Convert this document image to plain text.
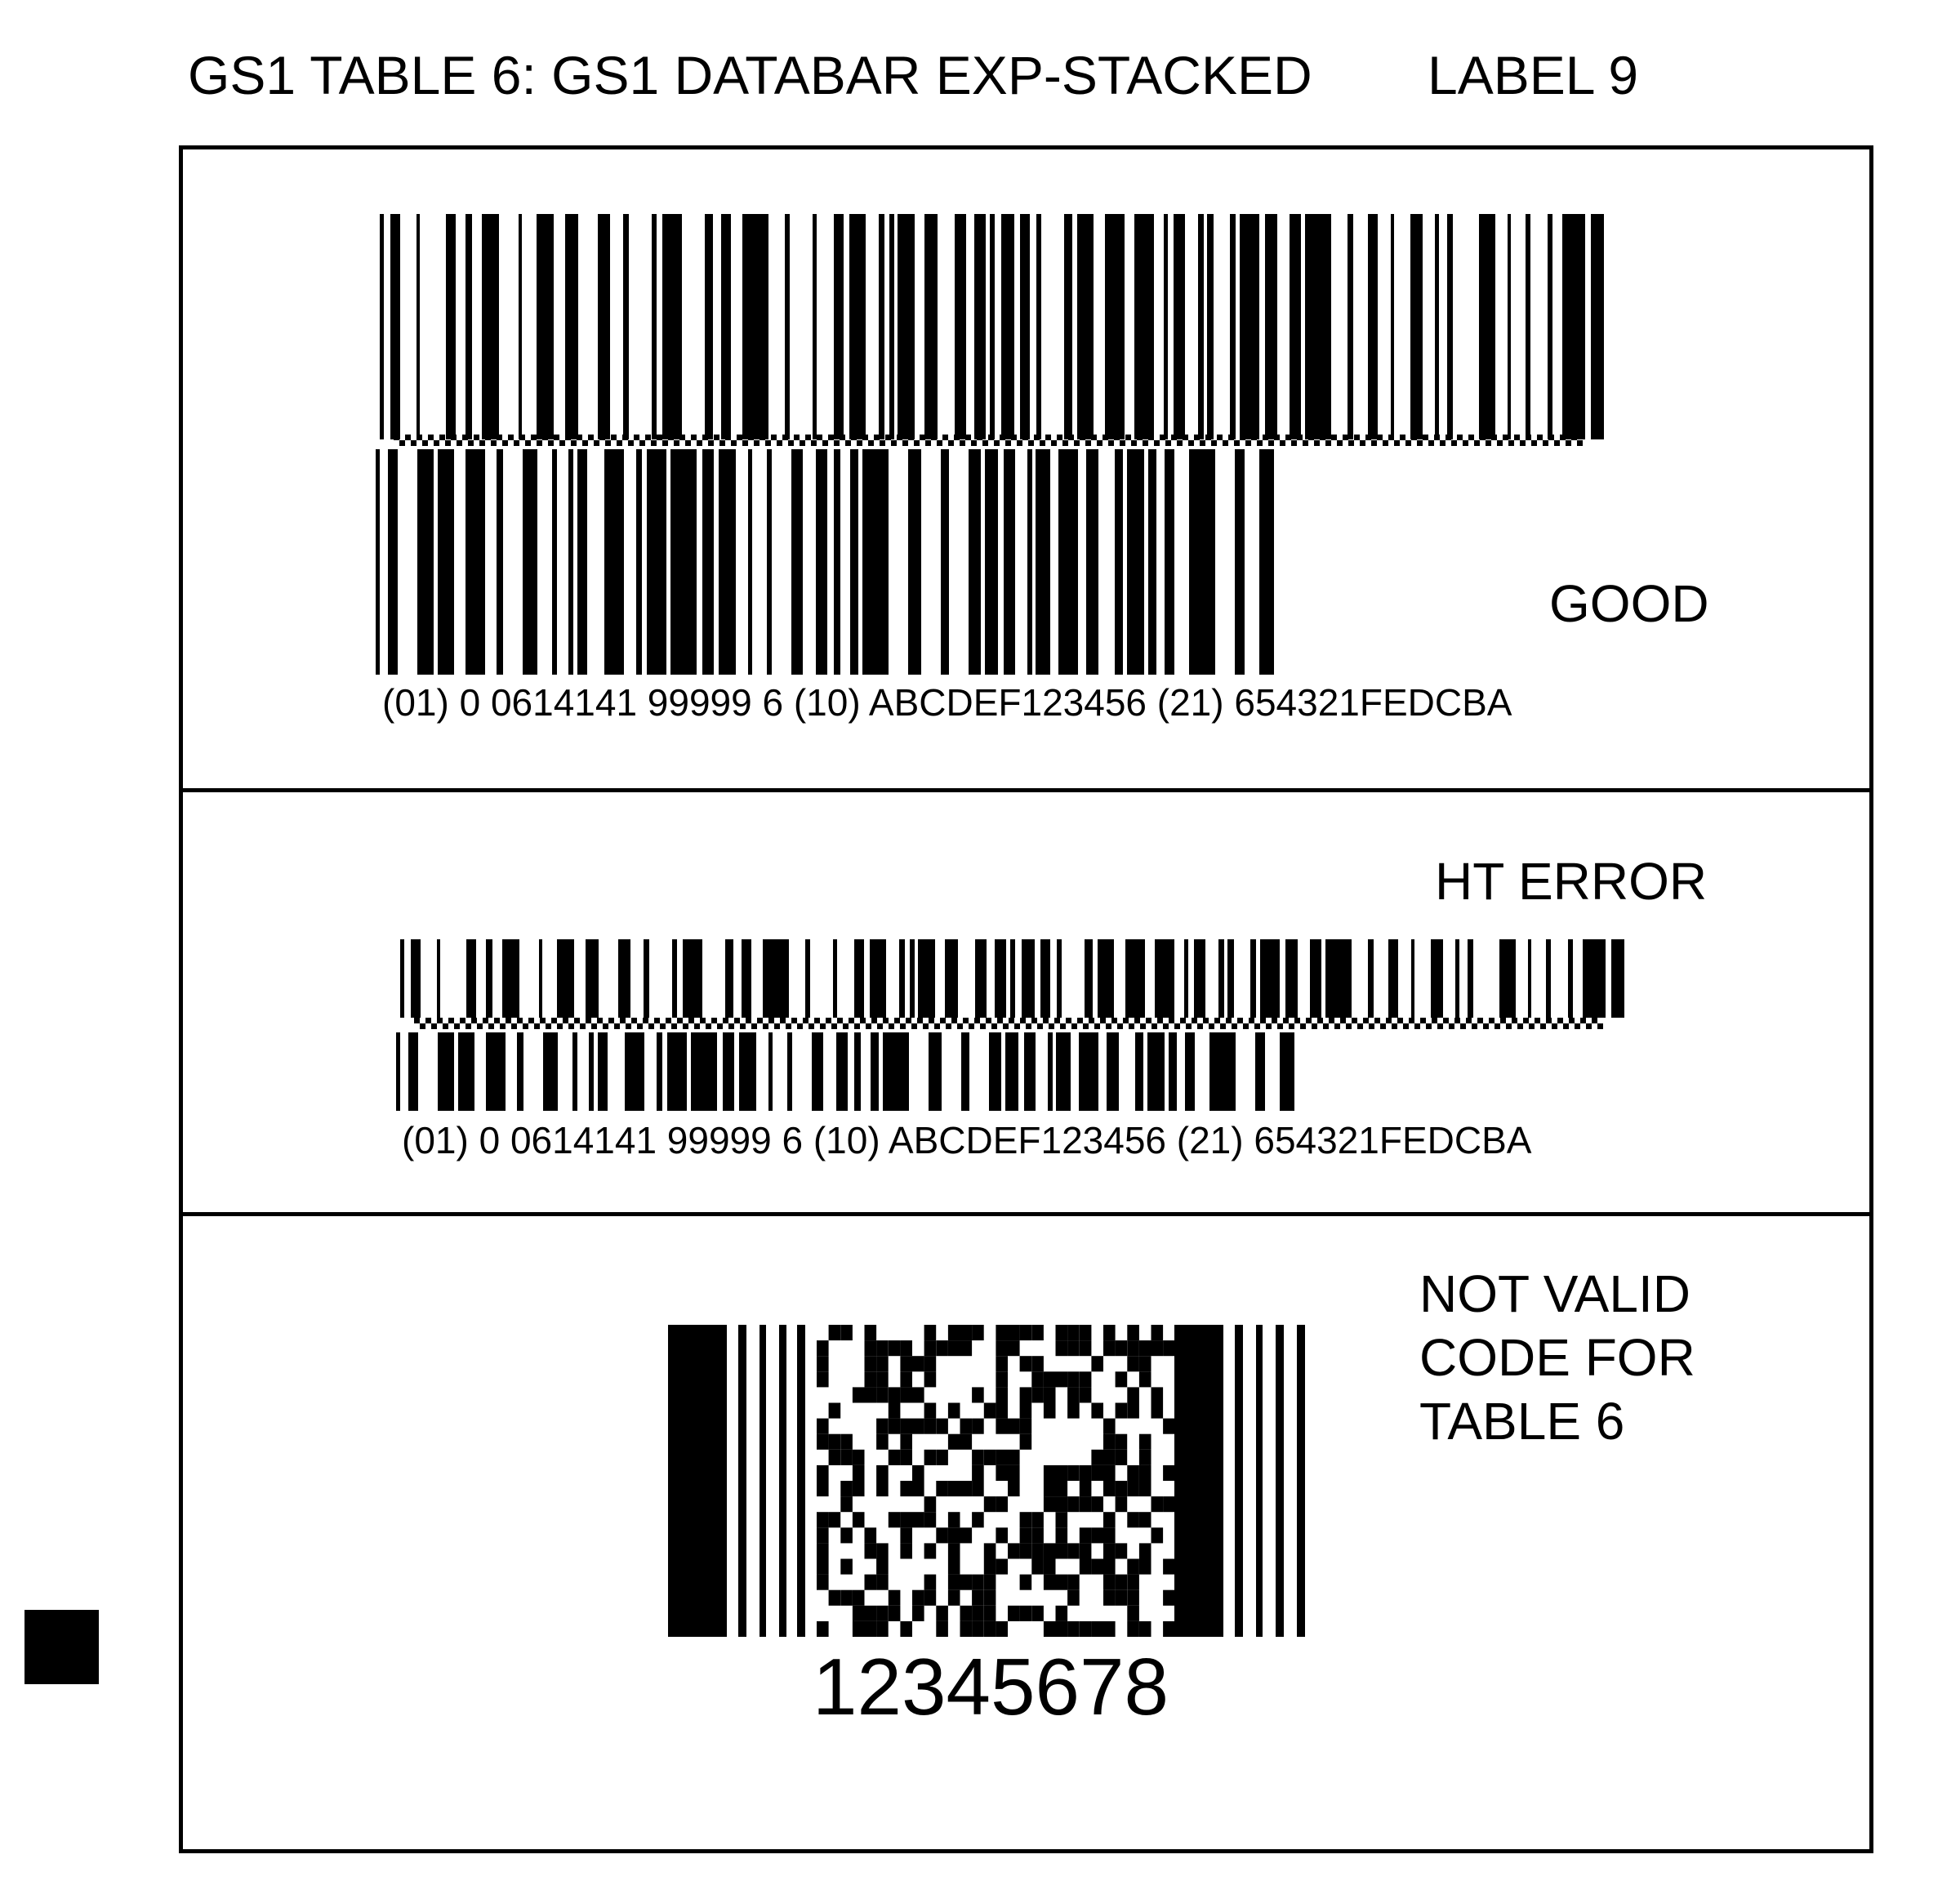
GS1 TABLE 6: GS1 DATABAR EXP-STACKED LABEL 9
GOOD
(01) 0 0614141 99999 6 (10) ABCDEF123456 (21) 654321FEDCBA
HT ERROR
(01) 0 0614141 99999 6 (10) ABCDEF123456 (21) 654321FEDCBA
NOT VALID
CODE FOR
TABLE 6
12345678
